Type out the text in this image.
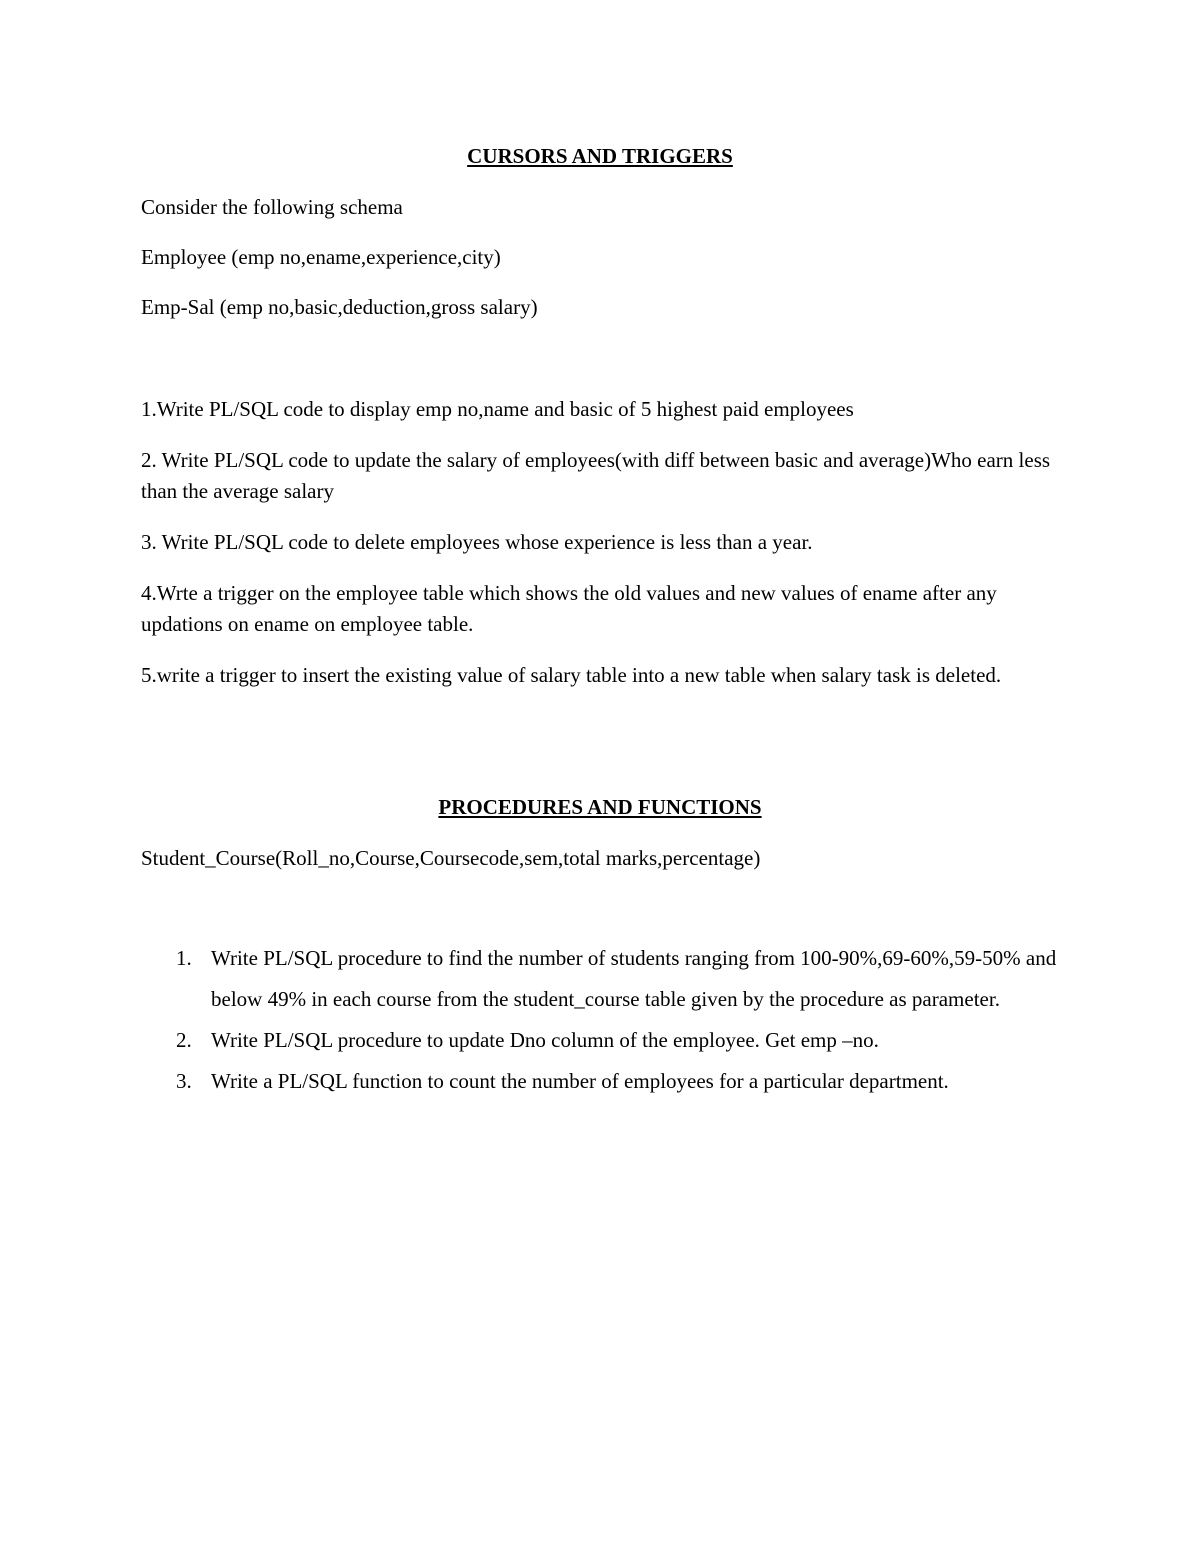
CURSORS AND TRIGGERS

Consider the following schema

Employee (emp no,ename,experience,city)

Emp-Sal (emp no,basic,deduction,gross salary)

1.Write PL/SQL code to display emp no,name and basic of 5 highest paid employees

2. Write PL/SQL code to update the salary of employees(with diff between basic and average)Who earn less than the average salary

3. Write PL/SQL code to delete employees whose experience is less than a year.

4.Wrte a trigger on the employee table which shows the old values and new values of ename after any updations on ename on employee table.

5.write a trigger to insert the existing value of salary table into a new table when salary task is deleted.

PROCEDURES AND FUNCTIONS

Student_Course(Roll_no,Course,Coursecode,sem,total marks,percentage)

1. Write PL/SQL procedure to find the number of students ranging from 100-90%,69-60%,59-50% and below 49% in each course from the student_course table given by the procedure as parameter.
2. Write PL/SQL procedure to update Dno column of the employee. Get emp –no.
3. Write a PL/SQL function to count the number of employees for a particular department.
